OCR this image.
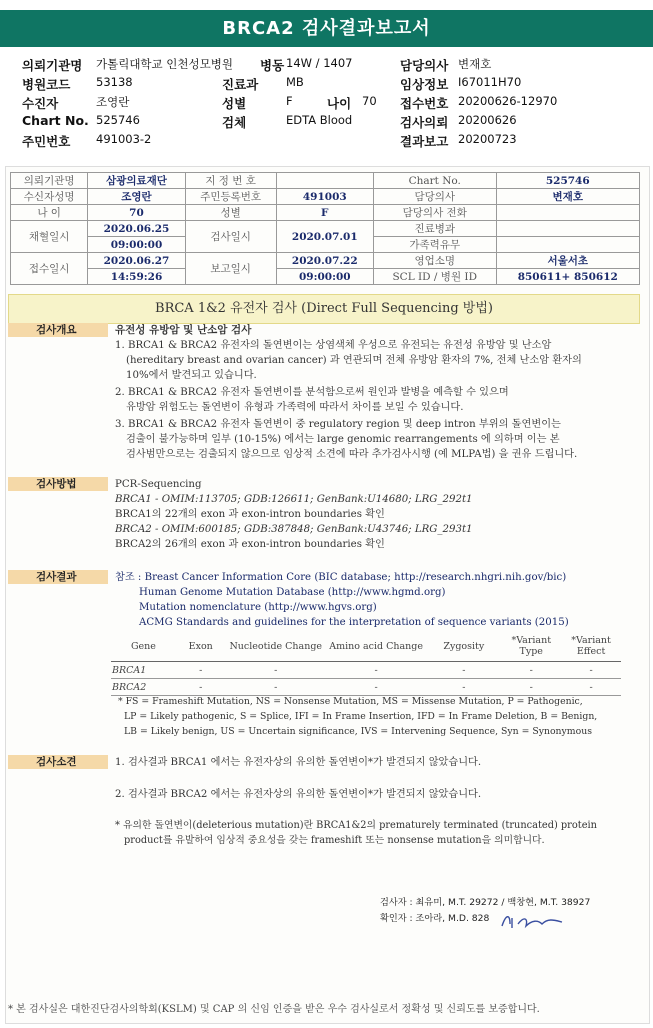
BRCA2 검사결과보고서
의뢰기관명 가톨릭대학교 인천성모병원 병동 14W / 1407	담당의사 변재호
병원코드 53138	진료과 MB	임상정보 I67011H70
수진자	조영란	성별	F	나이 70 접수번호 20200626-12970
Chart No. 525746	검체	EDTA Blood	검사의뢰 20200626
주민번호 491003-2	결과보고 20200723
의뢰기관명	삼광의료재단	지 정 번 호		Chart No.	525746
수신자성명	조영란	주민등록번호	491003	담당의사	변재호
나 이	70	성별	F	담당의사 전화	
채혈일시	2020.06.25	검사일시	2020.07.01	진료병과	
	09:00:00			가족력유무	
접수일시	2020.06.27	보고일시	2020.07.22	영업소명	서울서초
	14:59:26		09:00:00	SCL ID / 병원 ID	850611+ 850612
BRCA 1&2 유전자 검사 (Direct Full Sequencing 방법)
검사개요	유전성 유방암 및 난소암 검사

1. BRCA1 & BRCA2 유전자의 돌연변이는 상염색체 우성으로 유전되는 유전성 유방암 및 난소암

(hereditary breast and ovarian cancer) 과 연관되며 전체 유방암 환자의 7%, 전체 난소암 환자의

10%에서 발견되고 있습니다.

2. BRCA1 & BRCA2 유전자 돌연변이를 분석함으로써 원인과 발병을 예측할 수 있으며

유방암 위험도는 돌연변이 유형과 가족력에 따라서 차이를 보일 수 있습니다.

3. BRCA1 & BRCA2 유전자 돌연변이 중 regulatory region 및 deep intron 부위의 돌연변이는

검출이 불가능하며 일부 (10-15%) 에서는 large genomic rearrangements 에 의하며 이는 본

검사범만으로는 검출되지 않으므로 임상적 소견에 따라 추가검사시행 (예 MLPA법) 을 권유 드립니다.

검사방법	PCR-Sequencing

BRCA1 - OMIM:113705; GDB:126611; GenBank:U14680; LRG_292t1

BRCA1의 22개의 exon 과 exon-intron boundaries 확인

BRCA2 - OMIM:600185; GDB:387848; GenBank:U43746; LRG_293t1

BRCA2의 26개의 exon 과 exon-intron boundaries 확인

검사결과	참조 : Breast Cancer Information Core (BIC database; http://research.nhgri.nih.gov/bic)

Human Genome Mutation Database (http://www.hgmd.org)

Mutation nomenclature (http://www.hgvs.org)

ACMG Standards and guidelines for the interpretation of sequence variants (2015)

Gene	Exon	Nucleotide Change	Amino acid Change	Zygosity	*Variant Type	*Variant Effect
BRCA1	-	-	-	-	-	-
BRCA2	-	-	-	-	-	-

* FS = Frameshift Mutation, NS = Nonsense Mutation, MS = Missense Mutation, P = Pathogenic,

LP = Likely pathogenic, S = Splice, IFI = In Frame Insertion, IFD = In Frame Deletion, B = Benign,

LB = Likely benign, US = Uncertain significance, IVS = Intervening Sequence, Syn = Synonymous

검사소견	1. 검사결과 BRCA1 에서는 유전자상의 유의한 돌연변이*가 발견되지 않았습니다.

2. 검사결과 BRCA2 에서는 유전자상의 유의한 돌연변이*가 발견되지 않았습니다.

* 유의한 돌연변이(deleterious mutation)란 BRCA1&2의 prematurely terminated (truncated) protein

product를 유발하여 임상적 중요성을 갖는 frameshift 또는 nonsense mutation을 의미합니다.

검사자 : 최유미, M.T. 29272 / 백창현, M.T. 38927
확인자 : 조아라, M.D. 828
* 본 검사실은 대한진단검사의학회(KSLM) 및 CAP 의 신임 인증을 받은 우수 검사실로서 정확성 및 신뢰도를 보증합니다.
